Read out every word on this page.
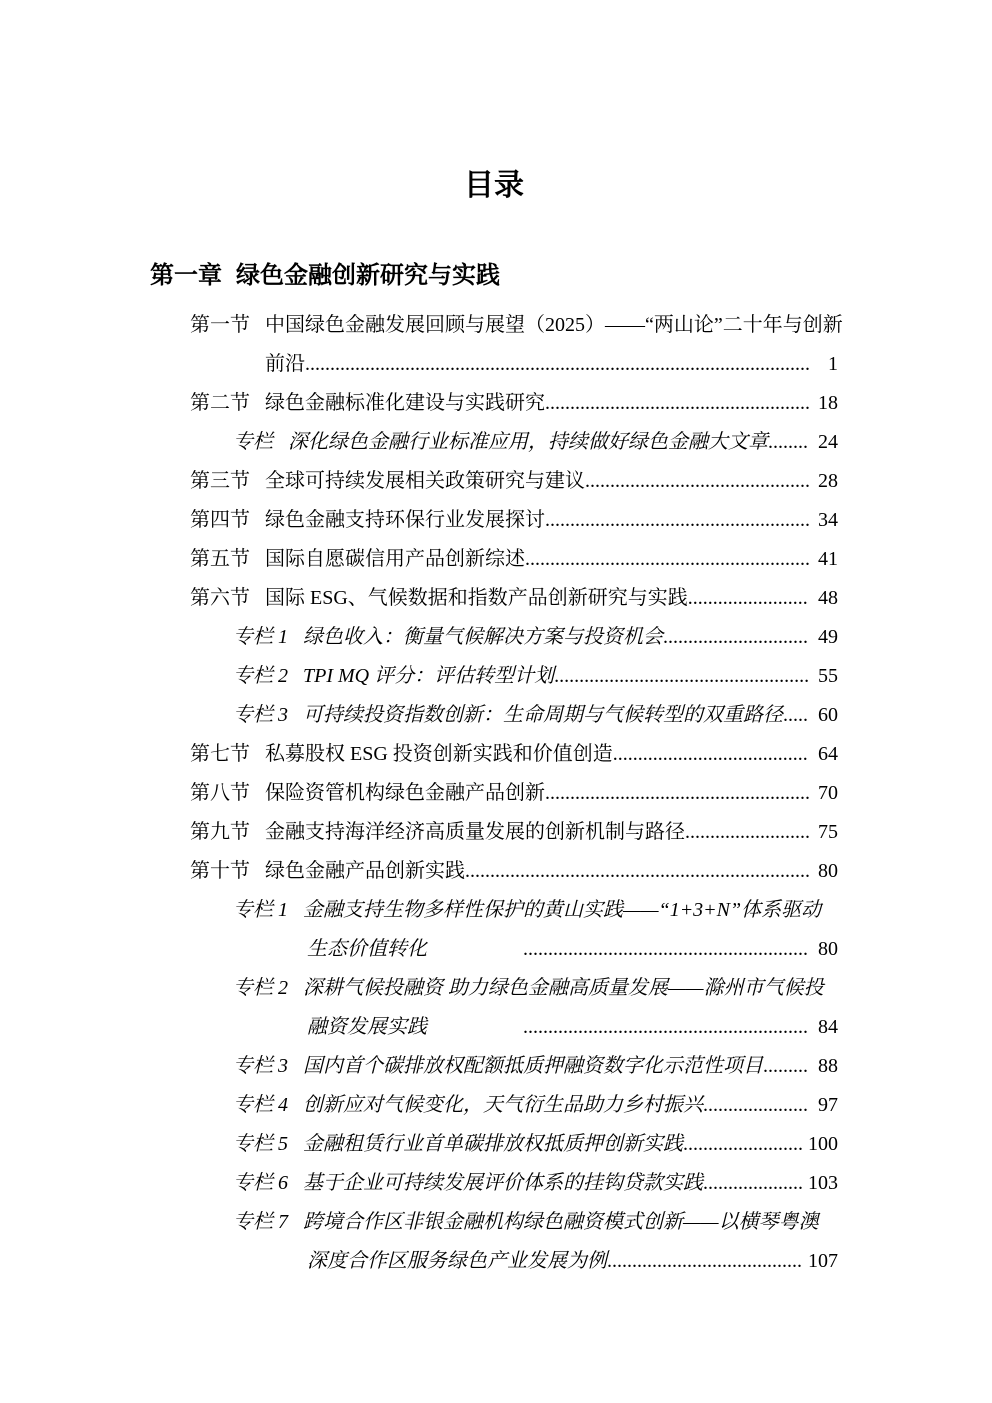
目录
第一章 绿色金融创新研究与实践
第一节 中国绿色金融发展回顾与展望（2025）——“两山论”二十年与创新
前沿 .....	1
第二节 绿色金融标准化建设与实践研究 .....	18
专栏 深化绿色金融行业标准应用，持续做好绿色金融大文章 .....	24
第三节 全球可持续发展相关政策研究与建议 .....	28
第四节 绿色金融支持环保行业发展探讨 .....	34
第五节 国际自愿碳信用产品创新综述 .....	41
第六节 国际 ESG、气候数据和指数产品创新研究与实践 .....	48
专栏 1 绿色收入：衡量气候解决方案与投资机会 .....	49
专栏 2 TPI MQ 评分：评估转型计划 .....	55
专栏 3 可持续投资指数创新：生命周期与气候转型的双重路径 .....	60
第七节 私募股权 ESG 投资创新实践和价值创造 .....	64
第八节 保险资管机构绿色金融产品创新 .....	70
第九节 金融支持海洋经济高质量发展的创新机制与路径 .....	75
第十节 绿色金融产品创新实践 .....	80
专栏 1 金融支持生物多样性保护的黄山实践——“1+3+N”体系驱动
生态价值转化 .....	80
专栏 2 深耕气候投融资 助力绿色金融高质量发展——滁州市气候投
融资发展实践 .....	84
专栏 3 国内首个碳排放权配额抵质押融资数字化示范性项目 .....	88
专栏 4 创新应对气候变化，天气衍生品助力乡村振兴 .....	97
专栏 5 金融租赁行业首单碳排放权抵质押创新实践 .....	100
专栏 6 基于企业可持续发展评价体系的挂钩贷款实践 .....	103
专栏 7 跨境合作区非银金融机构绿色融资模式创新——以横琴粤澳
深度合作区服务绿色产业发展为例 .....	107
